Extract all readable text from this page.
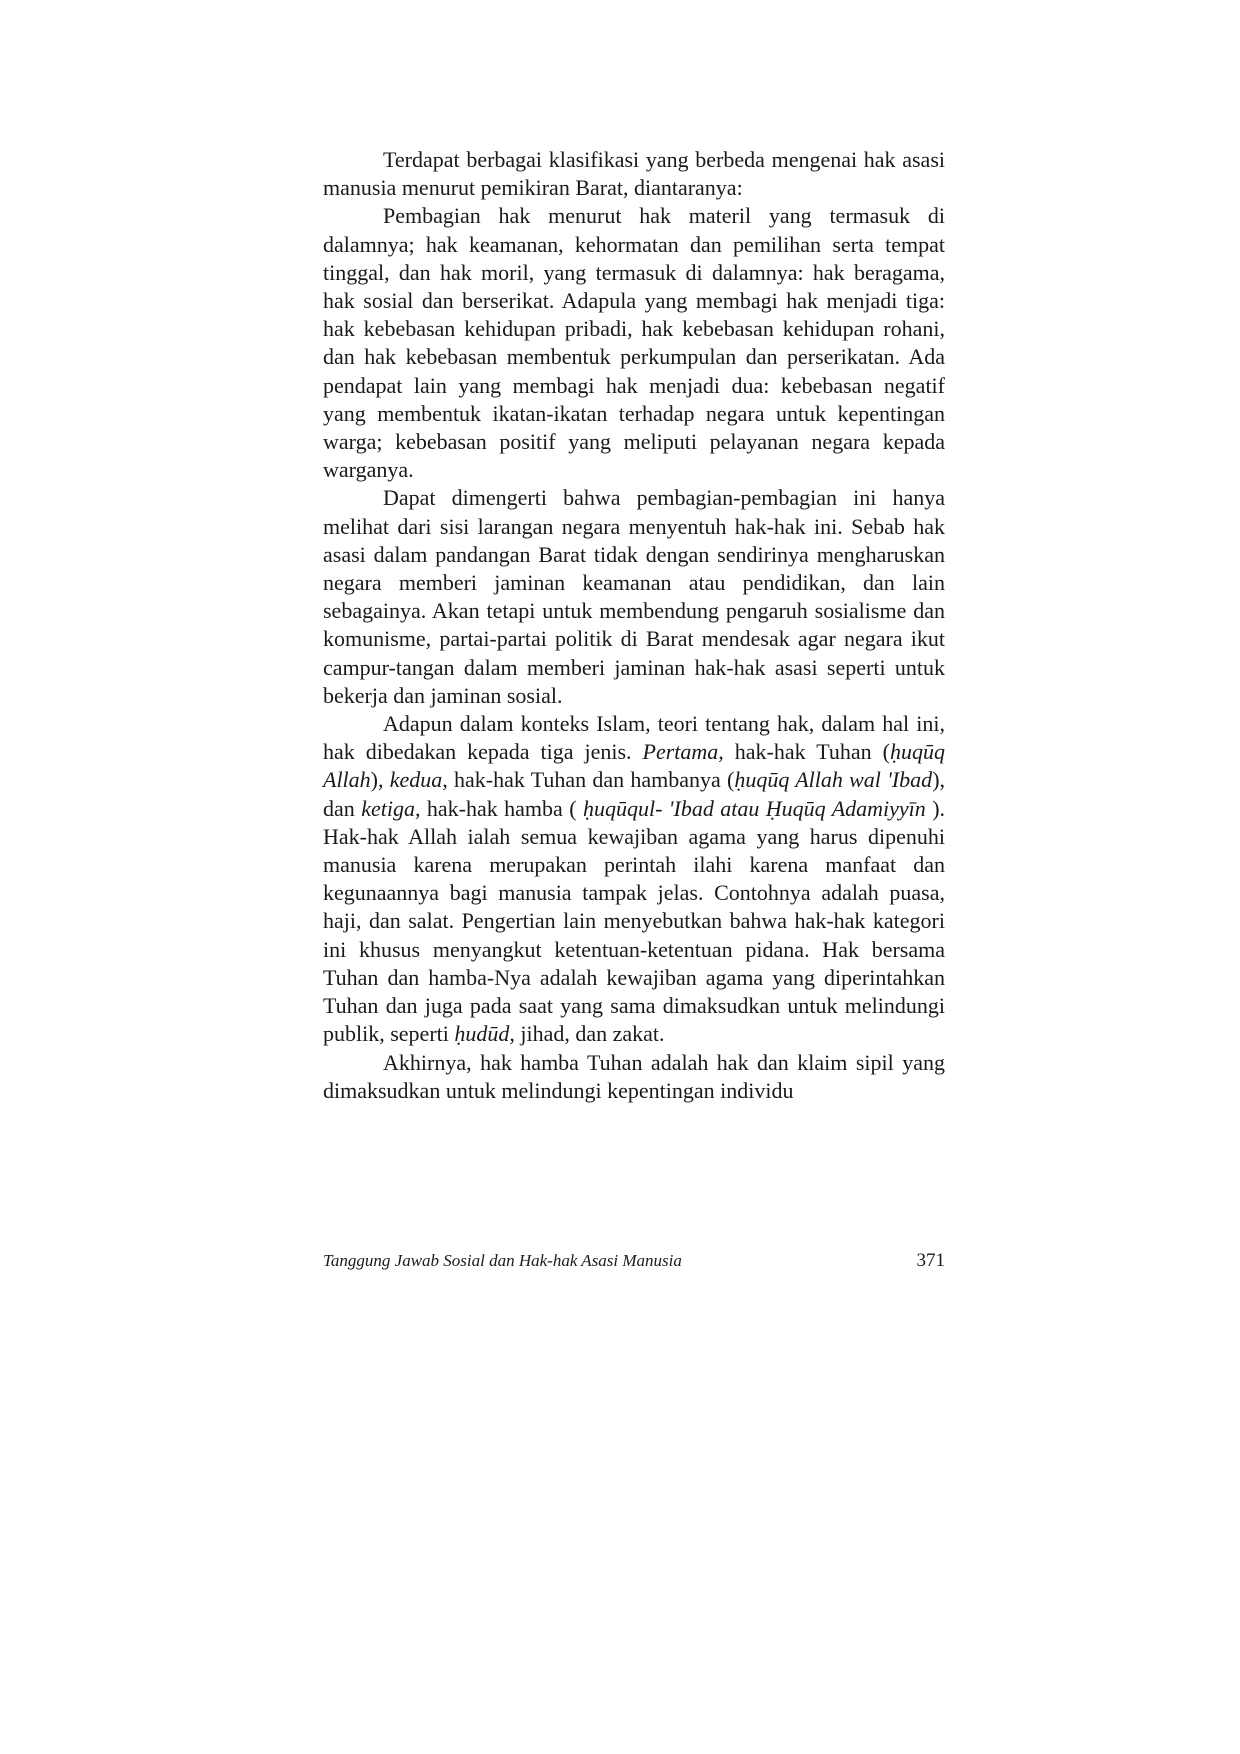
Terdapat berbagai klasifikasi yang berbeda mengenai hak asasi manusia menurut pemikiran Barat, diantaranya:

Pembagian hak menurut hak materil yang termasuk di dalamnya; hak keamanan, kehormatan dan pemilihan serta tempat tinggal, dan hak moril, yang termasuk di dalamnya: hak beragama, hak sosial dan berserikat. Adapula yang membagi hak menjadi tiga: hak kebebasan kehidupan pribadi, hak kebebasan kehidupan rohani, dan hak kebebasan membentuk perkumpulan dan perserikatan. Ada pendapat lain yang membagi hak menjadi dua: kebebasan negatif yang membentuk ikatan-ikatan terhadap negara untuk kepentingan warga; kebebasan positif yang meliputi pelayanan negara kepada warganya.

Dapat dimengerti bahwa pembagian-pembagian ini hanya melihat dari sisi larangan negara menyentuh hak-hak ini. Sebab hak asasi dalam pandangan Barat tidak dengan sendirinya mengharuskan negara memberi jaminan keamanan atau pendidikan, dan lain sebagainya. Akan tetapi untuk membendung pengaruh sosialisme dan komunisme, partai-partai politik di Barat mendesak agar negara ikut campur-tangan dalam memberi jaminan hak-hak asasi seperti untuk bekerja dan jaminan sosial.

Adapun dalam konteks Islam, teori tentang hak, dalam hal ini, hak dibedakan kepada tiga jenis. Pertama, hak-hak Tuhan (ḥuqūq Allah), kedua, hak-hak Tuhan dan hambanya (ḥuqūq Allah wal 'Ibad), dan ketiga, hak-hak hamba ( ḥuqūqul- 'Ibad atau Ḥuqūq Adamiyyīn ). Hak-hak Allah ialah semua kewajiban agama yang harus dipenuhi manusia karena merupakan perintah ilahi karena manfaat dan kegunaannya bagi manusia tampak jelas. Contohnya adalah puasa, haji, dan salat. Pengertian lain menyebutkan bahwa hak-hak kategori ini khusus menyangkut ketentuan-ketentuan pidana. Hak bersama Tuhan dan hamba-Nya adalah kewajiban agama yang diperintahkan Tuhan dan juga pada saat yang sama dimaksudkan untuk melindungi publik, seperti ḥudūd, jihad, dan zakat.

Akhirnya, hak hamba Tuhan adalah hak dan klaim sipil yang dimaksudkan untuk melindungi kepentingan individu

Tanggung Jawab Sosial dan Hak-hak Asasi Manusia	371
